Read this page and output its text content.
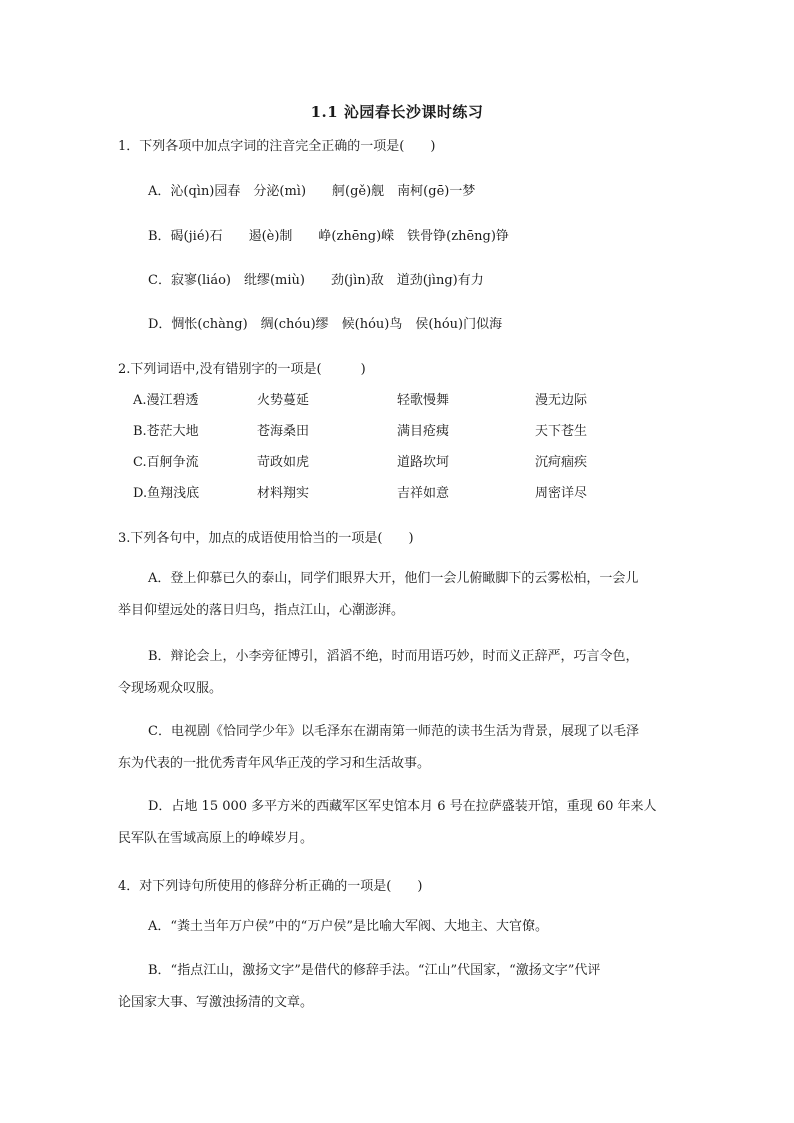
1.1 沁园春长沙课时练习
1．下列各项中加点字词的注音完全正确的一项是(　　)
A．沁(qìn)园春　分泌(mì)　　舸(gě)舰　南柯(gē)一梦
B．碣(jié)石　　遏(è)制　　峥(zhēng)嵘　铁骨铮(zhēng)铮
C．寂寥(liáo)　纰缪(miù)　　劲(jìn)敌　道劲(jìng)有力
D．惆怅(chàng)　绸(chóu)缪　候(hóu)鸟　侯(hóu)门似海
2.下列词语中,没有错别字的一项是(　　　)
A.漫江碧透	火势蔓延	轻歌慢舞	漫无边际
B.苍茫大地	苍海桑田	满目疮痍	天下苍生
C.百舸争流	苛政如虎	道路坎坷	沉疴痼疾
D.鱼翔浅底	材料翔实	吉祥如意	周密详尽
3.下列各句中，加点的成语使用恰当的一项是(　　)
A．登上仰慕已久的泰山，同学们眼界大开，他们一会儿俯瞰脚下的云雾松柏，一会儿
举目仰望远处的落日归鸟，指点江山，心潮澎湃。
B．辩论会上，小李旁征博引，滔滔不绝，时而用语巧妙，时而义正辞严，巧言令色，
令现场观众叹服。
C．电视剧《恰同学少年》以毛泽东在湖南第一师范的读书生活为背景，展现了以毛泽
东为代表的一批优秀青年风华正茂的学习和生活故事。
D．占地 15 000 多平方米的西藏军区军史馆本月 6 号在拉萨盛装开馆，重现 60 年来人
民军队在雪域高原上的峥嵘岁月。
4．对下列诗句所使用的修辞分析正确的一项是(　　)
A．“粪土当年万户侯”中的“万户侯”是比喻大军阀、大地主、大官僚。
B．“指点江山，激扬文字”是借代的修辞手法。“江山”代国家，“激扬文字”代评
论国家大事、写激浊扬清的文章。
